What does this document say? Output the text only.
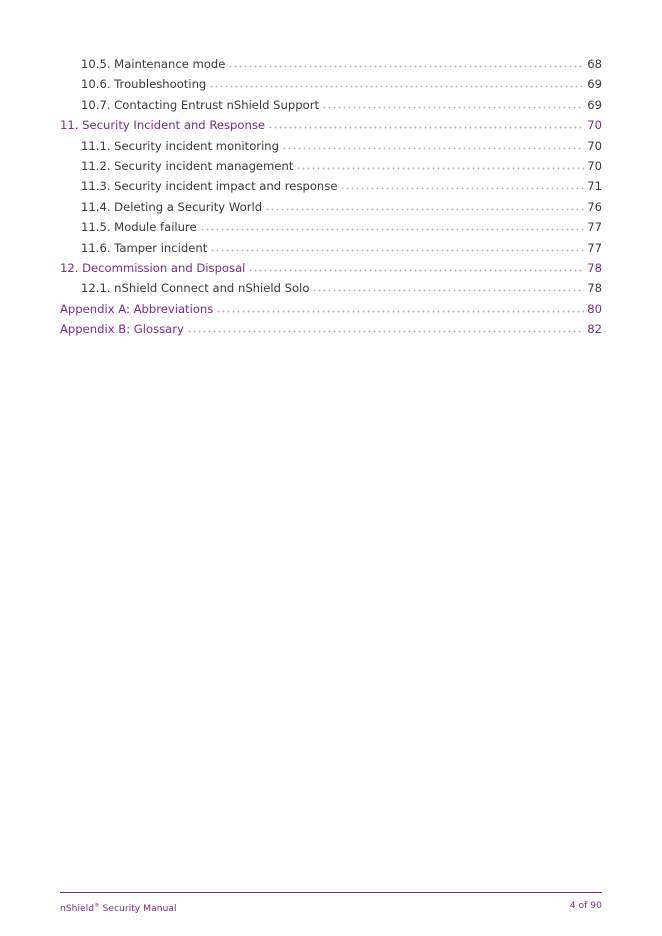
10.5. Maintenance mode	68
10.6. Troubleshooting	69
10.7. Contacting Entrust nShield Support	69
11. Security Incident and Response	70
11.1. Security incident monitoring	70
11.2. Security incident management	70
11.3. Security incident impact and response	71
11.4. Deleting a Security World	76
11.5. Module failure	77
11.6. Tamper incident	77
12. Decommission and Disposal	78
12.1. nShield Connect and nShield Solo	78
Appendix A: Abbreviations	80
Appendix B: Glossary	82
nShield® Security Manual	4 of 90
